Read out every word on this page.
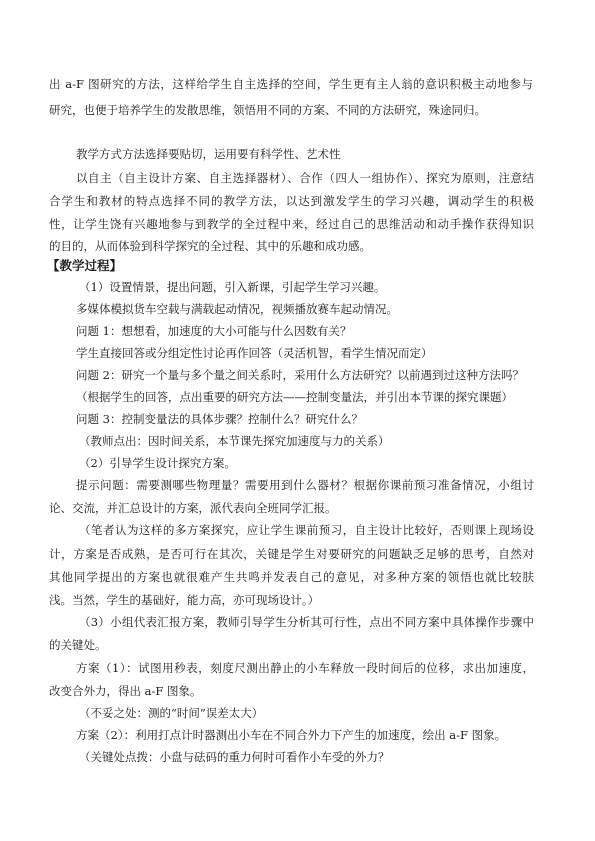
出 a-F 图研究的方法，这样给学生自主选择的空间，学生更有主人翁的意识积极主动地参与
研究，也便于培养学生的发散思维，领悟用不同的方案、不同的方法研究，殊途同归。
教学方式方法选择要贴切，运用要有科学性、艺术性
以自主（自主设计方案、自主选择器材）、合作（四人一组协作）、探究为原则，注意结
合学生和教材的特点选择不同的教学方法，以达到激发学生的学习兴趣，调动学生的积极
性，让学生饶有兴趣地参与到教学的全过程中来，经过自己的思维活动和动手操作获得知识
的目的，从而体验到科学探究的全过程、其中的乐趣和成功感。
【教学过程】
（1）设置情景，提出问题，引入新课，引起学生学习兴趣。
多媒体模拟货车空载与满载起动情况，视频播放赛车起动情况。
问题 1：想想看，加速度的大小可能与什么因数有关？
学生直接回答或分组定性讨论再作回答（灵活机智，看学生情况而定）
问题 2：研究一个量与多个量之间关系时，采用什么方法研究？以前遇到过这种方法吗？
（根据学生的回答，点出重要的研究方法——控制变量法，并引出本节课的探究课题）
问题 3：控制变量法的具体步骤？控制什么？研究什么？
（教师点出：因时间关系，本节课先探究加速度与力的关系）
（2）引导学生设计探究方案。
提示问题：需要测哪些物理量？需要用到什么器材？根据你课前预习准备情况，小组讨
论、交流，并汇总设计的方案，派代表向全班同学汇报。
（笔者认为这样的多方案探究，应让学生课前预习，自主设计比较好，否则课上现场设
计，方案是否成熟，是否可行在其次，关键是学生对要研究的问题缺乏足够的思考，自然对
其他同学提出的方案也就很难产生共鸣并发表自己的意见，对多种方案的领悟也就比较肤
浅。当然，学生的基础好，能力高，亦可现场设计。）
（3）小组代表汇报方案，教师引导学生分析其可行性，点出不同方案中具体操作步骤中
的关键处。
方案（1）：试图用秒表，刻度尺测出静止的小车释放一段时间后的位移，求出加速度，
改变合外力，得出 a-F 图象。
（不妥之处：测的“时间”误差太大）
方案（2）：利用打点计时器测出小车在不同合外力下产生的加速度，绘出 a-F 图象。
（关键处点拨：小盘与砝码的重力何时可看作小车受的外力？
